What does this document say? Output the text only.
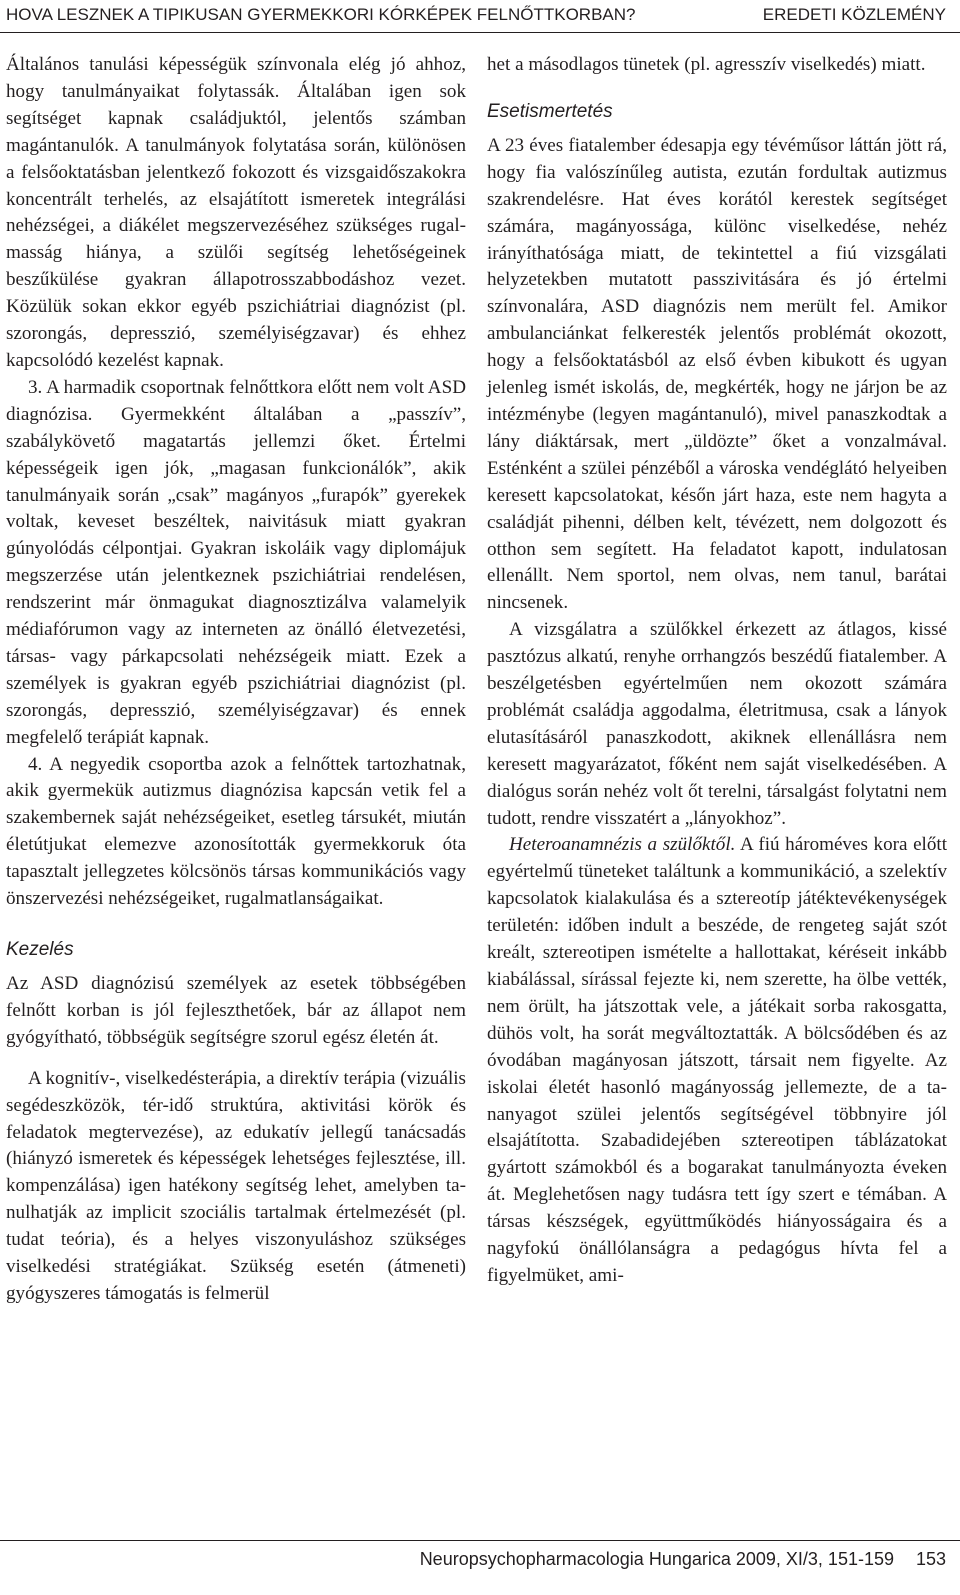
HOVA LESZNEK A TIPIKUSAN GYERMEKKORI KÓRKÉPEK FELNŐTTKORBAN?	EREDETI KÖZLEMÉNY

Általános tanulási képességük színvonala elég jó ahhoz, hogy tanulmányaikat folytassák. Általában igen sok segítséget kapnak családjuktól, jelentős számban magántanulók. A tanulmányok folytatása során, különösen a felsőoktatásban jelentkező fokozott és vizsgaidőszakokra koncentrált terhelés, az elsajátított ismeretek integrálási nehézségei, a diákélet megszervezéséhez szükséges rugalmasság hiánya, a szülői segítség lehetőségeinek beszűkülése gyakran állapotrosszabbodáshoz vezet. Közülük sokan ekkor egyéb pszichiátriai diagnózist (pl. szorongás, depresszió, személyiségzavar) és ehhez kapcsolódó kezelést kapnak.

3. A harmadik csoportnak felnőttkora előtt nem volt ASD diagnózisa. Gyermekként általában a „passzív”, szabálykövető magatartás jellemzi őket. Értelmi képességeik igen jók, „magasan funkcionálók”, akik tanulmányaik során „csak” magányos „furapók” gyerekek voltak, keveset beszéltek, naivitásuk miatt gyakran gúnyolódás célpontjai. Gyakran iskoláik vagy diplomájuk megszerzése után jelentkeznek pszichiátriai rendelésen, rendszerint már önmagukat diagnosztizálva valamelyik médiafórumon vagy az interneten az önálló életvezetési, társas- vagy párkapcsolati nehézségeik miatt. Ezek a személyek is gyakran egyéb pszichiátriai diagnózist (pl. szorongás, depresszió, személyiségzavar) és ennek megfelelő terápiát kapnak.

4. A negyedik csoportba azok a felnőttek tartozhatnak, akik gyermekük autizmus diagnózisa kapcsán vetik fel a szakembernek saját nehézségeiket, esetleg társukét, miután életútjukat elemezve azonosították gyermekkoruk óta tapasztalt jellegzetes kölcsönös társas kommunikációs vagy önszervezési nehézségeiket, rugalmatlanságaikat.

Kezelés

Az ASD diagnózisú személyek az esetek többségében felnőtt korban is jól fejleszthetőek, bár az állapot nem gyógyítható, többségük segítségre szorul egész életén át.

A kognitív-, viselkedésterápia, a direktív terápia (vizuális segédeszközök, tér-idő struktúra, aktivitási körök és feladatok megtervezése), az edukatív jellegű tanácsadás (hiányzó ismeretek és képességek lehetséges fejlesztése, ill. kompenzálása) igen hatékony segítség lehet, amelyben tanulhatják az implicit szociális tartalmak értelmezését (pl. tudat teória), és a helyes viszonyuláshoz szükséges viselkedési stratégiákat. Szükség esetén (átmeneti) gyógyszeres támogatás is felmerül

het a másodlagos tünetek (pl. agresszív viselkedés) miatt.

Esetismertetés

A 23 éves fiatalember édesapja egy tévéműsor láttán jött rá, hogy fia valószínűleg autista, ezután fordultak autizmus szakrendelésre. Hat éves korától kerestek segítséget számára, magányossága, különc viselkedése, nehéz irányíthatósága miatt, de tekintettel a fiú vizsgálati helyzetekben mutatott passzivitására és jó értelmi színvonalára, ASD diagnózis nem merült fel. Amikor ambulanciánkat felkeresték jelentős problémát okozott, hogy a felsőoktatásból az első évben kibukott és ugyan jelenleg ismét iskolás, de, megkérték, hogy ne járjon be az intézménybe (legyen magántanuló), mivel panaszkodtak a lány diáktársak, mert „üldözte” őket a vonzalmával. Esténként a szülei pénzéből a városka vendéglátó helyeiben keresett kapcsolatokat, későn járt haza, este nem hagyta a családját pihenni, délben kelt, tévézett, nem dolgozott és otthon sem segített. Ha feladatot kapott, indulatosan ellenállt. Nem sportol, nem olvas, nem tanul, barátai nincsenek.

A vizsgálatra a szülőkkel érkezett az átlagos, kissé pasztózus alkatú, renyhe orrhangzós beszédű fiatalember. A beszélgetésben egyértelműen nem okozott számára problémát családja aggodalma, életritmusa, csak a lányok elutasításáról panaszkodott, akiknek ellenállásra nem keresett magyarázatot, főként nem saját viselkedésében. A dialógus során nehéz volt őt terelni, társalgást folytatni nem tudott, rendre visszatért a „lányokhoz”.

Heteroanamnézis a szülőktől. A fiú hároméves kora előtt egyértelmű tüneteket találtunk a kommunikáció, a szelektív kapcsolatok kialakulása és a sztereotíp játéktevékenységek területén: időben indult a beszéde, de rengeteg saját szót kreált, sztereotipen ismételte a hallottakat, kéréseit inkább kiabálással, sírással fejezte ki, nem szerette, ha ölbe vették, nem örült, ha játszottak vele, a játékait sorba rakosgatta, dühös volt, ha sorát megváltoztatták. A bölcsődében és az óvodában magányosan játszott, társait nem figyelte. Az iskolai életét hasonló magányosság jellemezte, de a tananyagot szülei jelentős segítségével többnyire jól elsajátította. Szabadidejében sztereotipen táblázatokat gyártott számokból és a bogarakat tanulmányozta éveken át. Meglehetősen nagy tudásra tett így szert e témában. A társas készségek, együttműködés hiányosságaira és a nagyfokú önállólanságra a pedagógus hívta fel a figyelmüket, ami-

Neuropsychopharmacologia Hungarica 2009, XI/3, 151-159 153
